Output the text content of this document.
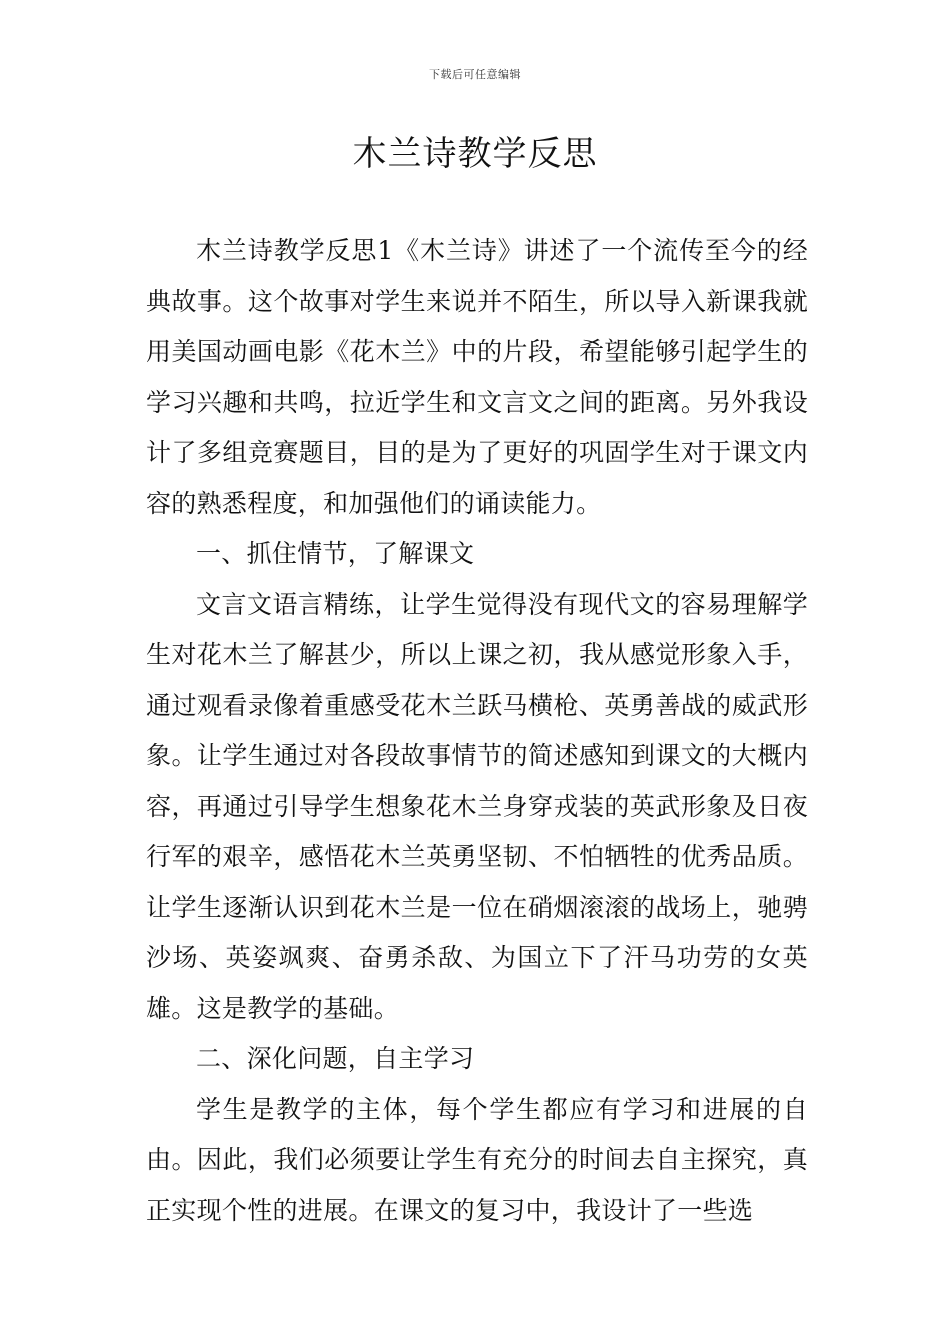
下载后可任意编辑
木兰诗教学反思

木兰诗教学反思1《木兰诗》讲述了一个流传至今的经典故事。这个故事对学生来说并不陌生，所以导入新课我就用美国动画电影《花木兰》中的片段，希望能够引起学生的学习兴趣和共鸣，拉近学生和文言文之间的距离。另外我设计了多组竞赛题目，目的是为了更好的巩固学生对于课文内容的熟悉程度，和加强他们的诵读能力。

一、抓住情节，了解课文

文言文语言精练，让学生觉得没有现代文的容易理解学生对花木兰了解甚少，所以上课之初，我从感觉形象入手，通过观看录像着重感受花木兰跃马横枪、英勇善战的威武形象。让学生通过对各段故事情节的简述感知到课文的大概内容，再通过引导学生想象花木兰身穿戎装的英武形象及日夜行军的艰辛，感悟花木兰英勇坚韧、不怕牺牲的优秀品质。让学生逐渐认识到花木兰是一位在硝烟滚滚的战场上，驰骋沙场、英姿飒爽、奋勇杀敌、为国立下了汗马功劳的女英雄。这是教学的基础。

二、深化问题，自主学习

学生是教学的主体，每个学生都应有学习和进展的自由。因此，我们必须要让学生有充分的时间去自主探究，真正实现个性的进展。在课文的复习中，我设计了一些选
